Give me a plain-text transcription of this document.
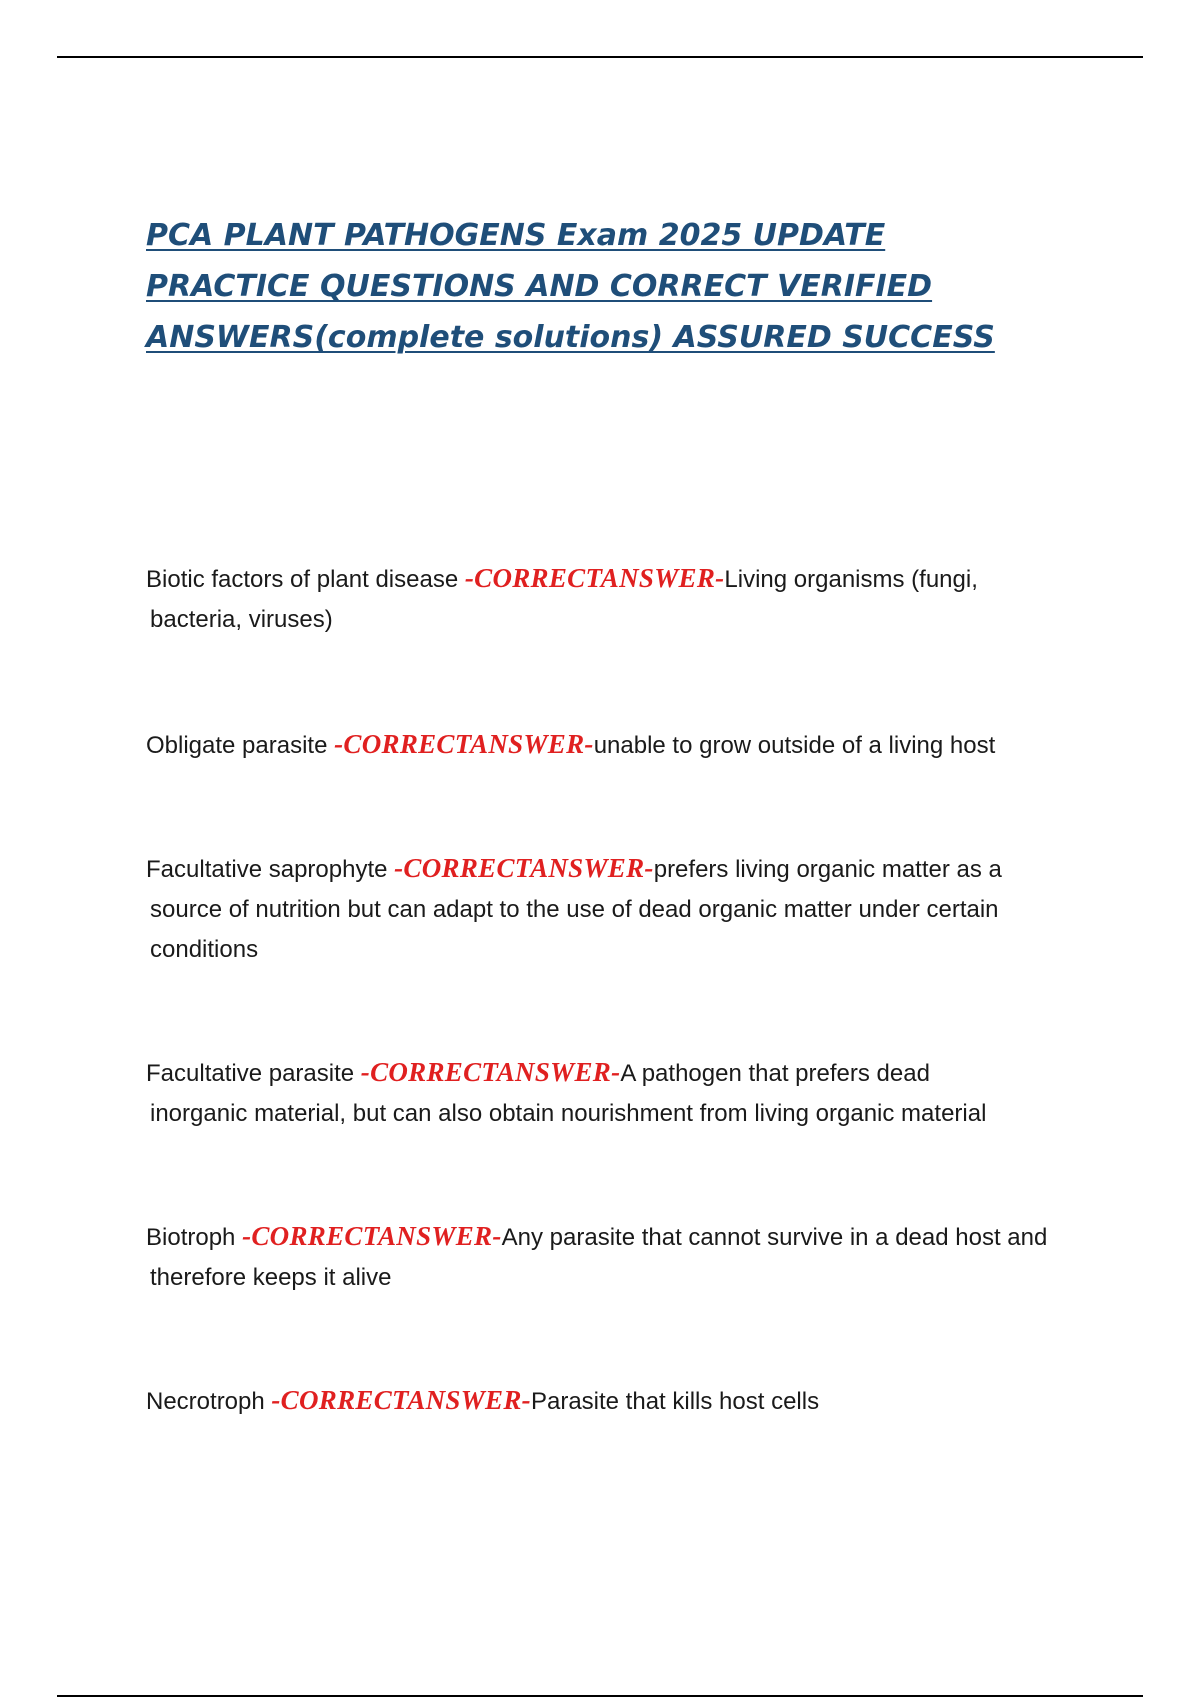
PCA PLANT PATHOGENS Exam 2025 UPDATE PRACTICE QUESTIONS AND CORRECT VERIFIED ANSWERS(complete solutions) ASSURED SUCCESS

Biotic factors of plant disease -CORRECTANSWER-Living organisms (fungi,
bacteria, viruses)

Obligate parasite -CORRECTANSWER-unable to grow outside of a living host

Facultative saprophyte -CORRECTANSWER-prefers living organic matter as a
source of nutrition but can adapt to the use of dead organic matter under certain conditions

Facultative parasite -CORRECTANSWER-A pathogen that prefers dead
inorganic material, but can also obtain nourishment from living organic material

Biotroph -CORRECTANSWER-Any parasite that cannot survive in a dead host and
therefore keeps it alive

Necrotroph -CORRECTANSWER-Parasite that kills host cells
